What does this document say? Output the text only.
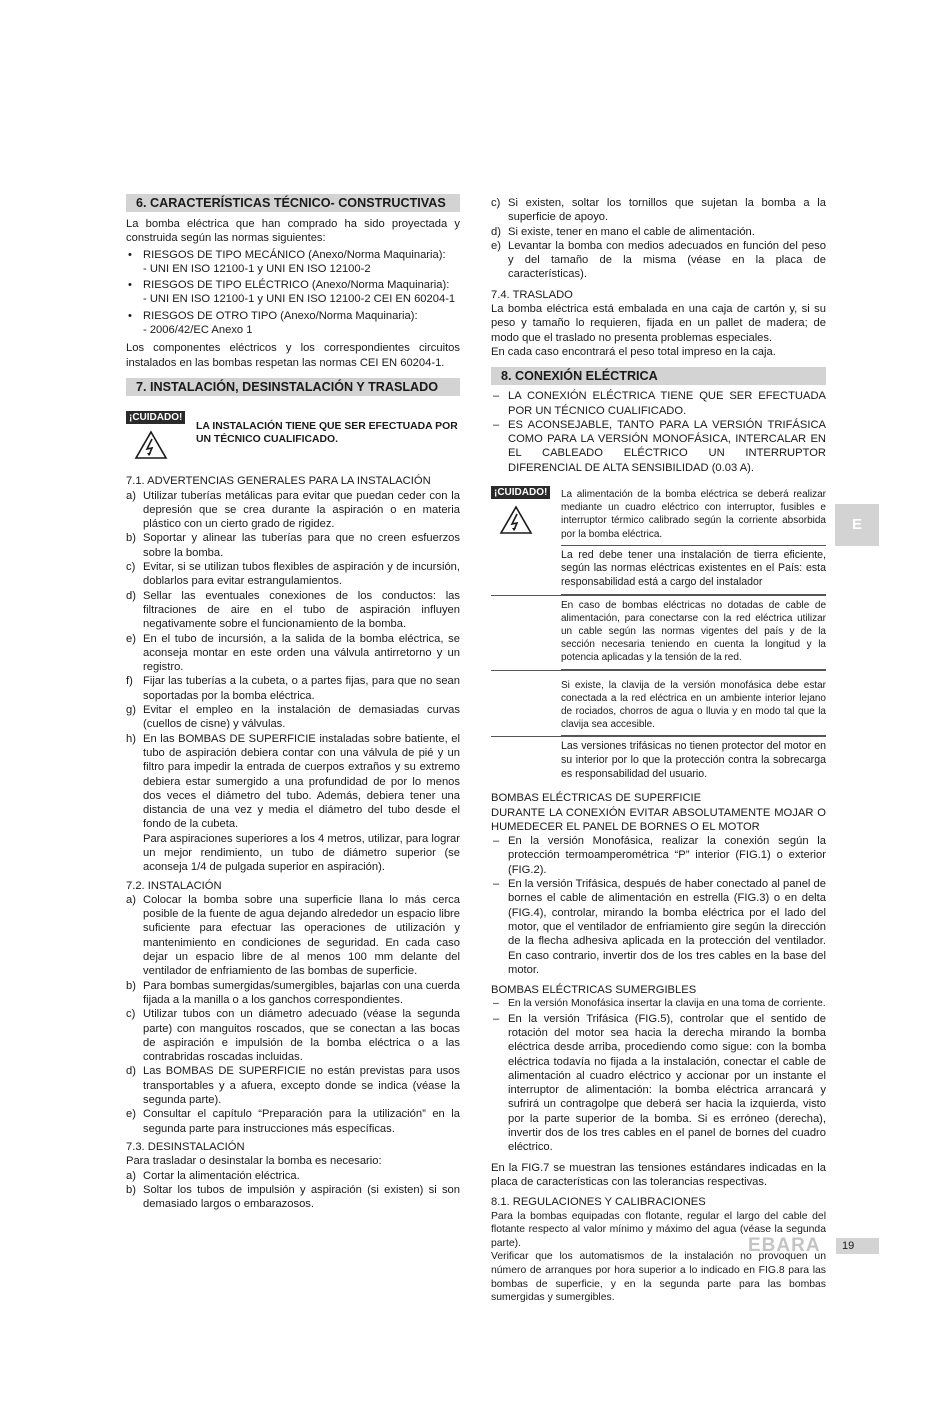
6. CARACTERÍSTICAS TÉCNICO- CONSTRUCTIVAS

La bomba eléctrica que han comprado ha sido proyectada y construida según las normas siguientes:

• RIESGOS DE TIPO MECÁNICO (Anexo/Norma Maquinaria):
- UNI EN ISO 12100-1 y UNI EN ISO 12100-2
• RIESGOS DE TIPO ELÉCTRICO (Anexo/Norma Maquinaria):
- UNI EN ISO 12100-1 y UNI EN ISO 12100-2 CEI EN 60204-1
• RIESGOS DE OTRO TIPO (Anexo/Norma Maquinaria):
- 2006/42/EC Anexo 1

Los componentes eléctricos y los correspondientes circuitos instalados en las bombas respetan las normas CEI EN 60204-1.

7. INSTALACIÓN, DESINSTALACIÓN Y TRASLADO
¡CUIDADO!
LA INSTALACIÓN TIENE QUE SER EFECTUADA POR UN TÉCNICO CUALIFICADO.

7.1. ADVERTENCIAS GENERALES PARA LA INSTALACIÓN

a) Utilizar tuberías metálicas para evitar que puedan ceder con la depresión que se crea durante la aspiración o en materia plástico con un cierto grado de rigidez.
b) Soportar y alinear las tuberías para que no creen esfuerzos sobre la bomba.
c) Evitar, si se utilizan tubos flexibles de aspiración y de incursión, doblarlos para evitar estrangulamientos.
d) Sellar las eventuales conexiones de los conductos: las filtraciones de aire en el tubo de aspiración influyen negativamente sobre el funcionamiento de la bomba.
e) En el tubo de incursión, a la salida de la bomba eléctrica, se aconseja montar en este orden una válvula antirretorno y un registro.
f) Fijar las tuberías a la cubeta, o a partes fijas, para que no sean soportadas por la bomba eléctrica.
g) Evitar el empleo en la instalación de demasiadas curvas (cuellos de cisne) y válvulas.
h) En las BOMBAS DE SUPERFICIE instaladas sobre batiente, el tubo de aspiración debiera contar con una válvula de pié y un filtro para impedir la entrada de cuerpos extraños y su extremo debiera estar sumergido a una profundidad de por lo menos dos veces el diámetro del tubo. Además, debiera tener una distancia de una vez y media el diámetro del tubo desde el fondo de la cubeta.
Para aspiraciones superiores a los 4 metros, utilizar, para lograr un mejor rendimiento, un tubo de diámetro superior (se aconseja 1/4 de pulgada superior en aspiración).

7.2. INSTALACIÓN

a) Colocar la bomba sobre una superficie llana lo más cerca posible de la fuente de agua dejando alrededor un espacio libre suficiente para efectuar las operaciones de utilización y mantenimiento en condiciones de seguridad. En cada caso dejar un espacio libre de al menos 100 mm delante del ventilador de enfriamiento de las bombas de superficie.
b) Para bombas sumergidas/sumergibles, bajarlas con una cuerda fijada a la manilla o a los ganchos correspondientes.
c) Utilizar tubos con un diámetro adecuado (véase la segunda parte) con manguitos roscados, que se conectan a las bocas de aspiración e impulsión de la bomba eléctrica o a las contrabridas roscadas incluidas.
d) Las BOMBAS DE SUPERFICIE no están previstas para usos transportables y a afuera, excepto donde se indica (véase la segunda parte).
e) Consultar el capítulo “Preparación para la utilización” en la segunda parte para instrucciones más específicas.

7.3. DESINSTALACIÓN

Para trasladar o desinstalar la bomba es necesario:

a) Cortar la alimentación eléctrica.
b) Soltar los tubos de impulsión y aspiración (si existen) si son demasiado largos o embarazosos.
c) Si existen, soltar los tornillos que sujetan la bomba a la superficie de apoyo.
d) Si existe, tener en mano el cable de alimentación.
e) Levantar la bomba con medios adecuados en función del peso y del tamaño de la misma (véase en la placa de características).

7.4. TRASLADO

La bomba eléctrica está embalada en una caja de cartón y, si su peso y tamaño lo requieren, fijada en un pallet de madera; de modo que el traslado no presenta problemas especiales.

En cada caso encontrará el peso total impreso en la caja.

8. CONEXIÓN ELÉCTRICA
– LA CONEXIÓN ELÉCTRICA TIENE QUE SER EFECTUADA POR UN TÉCNICO CUALIFICADO.
– ES ACONSEJABLE, TANTO PARA LA VERSIÓN TRIFÁSICA COMO PARA LA VERSIÓN MONOFÁSICA, INTERCALAR EN EL CABLEADO ELÉCTRICO UN INTERRUPTOR DIFERENCIAL DE ALTA SENSIBILIDAD (0.03 A).
¡CUIDADO!	La alimentación de la bomba eléctrica se deberá realizar mediante un cuadro eléctrico con interruptor, fusibles e interruptor térmico calibrado según la corriente absorbida por la bomba eléctrica.
La red debe tener una instalación de tierra eficiente, según las normas eléctricas existentes en el País: esta responsabilidad está a cargo del instalador
En caso de bombas eléctricas no dotadas de cable de alimentación, para conectarse con la red eléctrica utilizar un cable según las normas vigentes del país y de la sección necesaria teniendo en cuenta la longitud y la potencia aplicadas y la tensión de la red.
Si existe, la clavija de la versión monofásica debe estar conectada a la red eléctrica en un ambiente interior lejano de rociados, chorros de agua o lluvia y en modo tal que la clavija sea accesible.
Las versiones trifásicas no tienen protector del motor en su interior por lo que la protección contra la sobrecarga es responsabilidad del usuario.

BOMBAS ELÉCTRICAS DE SUPERFICIE

DURANTE LA CONEXIÓN EVITAR ABSOLUTAMENTE MOJAR O HUMEDECER EL PANEL DE BORNES O EL MOTOR

– En la versión Monofásica, realizar la conexión según la protección termoamperométrica “P” interior (FIG.1) o exterior (FIG.2).
– En la versión Trifásica, después de haber conectado al panel de bornes el cable de alimentación en estrella (FIG.3) o en delta (FIG.4), controlar, mirando la bomba eléctrica por el lado del motor, que el ventilador de enfriamiento gire según la dirección de la flecha adhesiva aplicada en la protección del ventilador. En caso contrario, invertir dos de los tres cables en la base del motor.

BOMBAS ELÉCTRICAS SUMERGIBLES

– En la versión Monofásica insertar la clavija en una toma de corriente.
– En la versión Trifásica (FIG.5), controlar que el sentido de rotación del motor sea hacia la derecha mirando la bomba eléctrica desde arriba, procediendo como sigue: con la bomba eléctrica todavía no fijada a la instalación, conectar el cable de alimentación al cuadro eléctrico y accionar por un instante el interruptor de alimentación: la bomba eléctrica arrancará y sufrirá un contragolpe que deberá ser hacia la izquierda, visto por la parte superior de la bomba. Si es erróneo (derecha), invertir dos de los tres cables en el panel de bornes del cuadro eléctrico.

En la FIG.7 se muestran las tensiones estándares indicadas en la placa de características con las tolerancias respectivas.

8.1. REGULACIONES Y CALIBRACIONES

Para la bombas equipadas con flotante, regular el largo del cable del flotante respecto al valor mínimo y máximo del agua (véase la segunda parte).

Verificar que los automatismos de la instalación no provoquen un número de arranques por hora superior a lo indicado en FIG.8 para las bombas de superficie, y en la segunda parte para las bombas sumergidas y sumergibles.

E
EBARA	19
